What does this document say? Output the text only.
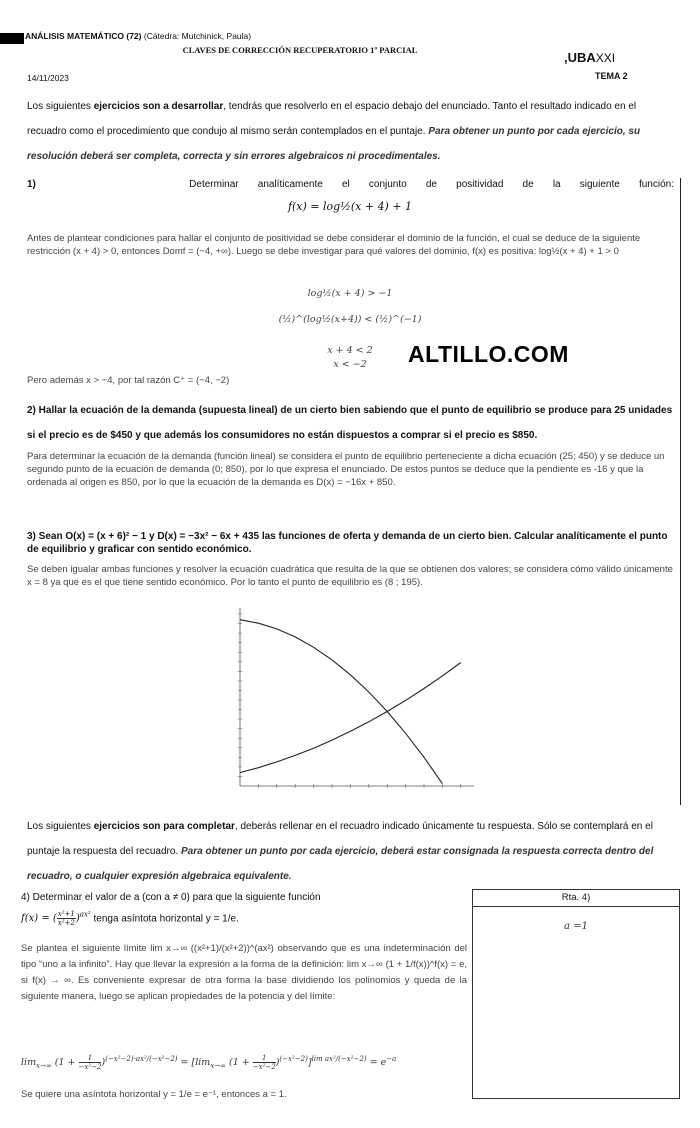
ANÁLISIS MATEMÁTICO (72) (Cátedra: Mutchinick, Paula)
CLAVES DE CORRECCIÓN RECUPERATORIO 1º PARCIAL	,UBAXXI
14/11/2023	TEMA 2
Los siguientes ejercicios son a desarrollar, tendrás que resolverlo en el espacio debajo del enunciado. Tanto el resultado indicado en el recuadro como el procedimiento que condujo al mismo serán contemplados en el puntaje. Para obtener un punto por cada ejercicio, su resolución deberá ser completa, correcta y sin errores algebraicos ni procedimentales.
1)	Determinar analíticamente el conjunto de positividad de la siguiente función:
f(x) = log½(x + 4) + 1
Antes de plantear condiciones para hallar el conjunto de positividad se debe considerar el dominio de la función, el cual se deduce de la siguiente restricción (x + 4) > 0, entonces Domf = (−4, +∞). Luego se debe investigar para qué valores del dominio, f(x) es positiva: log½(x + 4) + 1 > 0
log½(x + 4) > −1
(½)^(log½(x+4)) < (½)^(−1)
x + 4 < 2
x < −2	ALTILLO.COM
Pero además x > −4, por tal razón C⁺ = (−4, −2)
2) Hallar la ecuación de la demanda (supuesta lineal) de un cierto bien sabiendo que el punto de equilibrio se produce para 25 unidades si el precio es de $450 y que además los consumidores no están dispuestos a comprar si el precio es $850.
Para determinar la ecuación de la demanda (función lineal) se considera el punto de equilibrio perteneciente a dicha ecuación (25; 450) y se deduce un segundo punto de la ecuación de demanda (0; 850), por lo que expresa el enunciado. De estos puntos se deduce que la pendiente es -16 y que la ordenada al origen es 850, por lo que la ecuación de la demanda es D(x) = −16x + 850.
3) Sean O(x) = (x + 6)² − 1 y D(x) = −3x² − 6x + 435 las funciones de oferta y demanda de un cierto bien. Calcular analíticamente el punto de equilibrio y graficar con sentido económico.
Se deben igualar ambas funciones y resolver la ecuación cuadrática que resulta de la que se obtienen dos valores; se considera cómo válido únicamente x = 8 ya que es el que tiene sentido económico. Por lo tanto el punto de equilibrio es (8 ; 195).
Los siguientes ejercicios son para completar, deberás rellenar en el recuadro indicado únicamente tu respuesta. Sólo se contemplará en el puntaje la respuesta del recuadro. Para obtener un punto por cada ejercicio, deberá estar consignada la respuesta correcta dentro del recuadro, o cualquier expresión algebraica equivalente.
4) Determinar el valor de a (con a ≠ 0) para que la siguiente función
f(x) = ( $\frac{\text{x²+1}}{\text{x²+2}} )^{ax^2}$ tenga asíntota horizontal y = 1/e.
Se plantea el siguiente límite lim x→∞ ((x²+1)/(x²+2))^(ax²) observando que es una indeterminación del tipo “uno a la infinito”. Hay que llevar la expresión a la forma de la definición: lim x→∞ (1 + 1/f(x))^f(x) = e, si f(x) → ∞. Es conveniente expresar de otra forma la base dividiendo los polinomios y queda de la siguiente manera, luego se aplican propiedades de la potencia y del límite:
$\lim_{x\to\infty} (1 + \frac{1}{\text{−x²−2}} )^{(-x^2-2)\cdot ax^2/(-x^2-2)} = [\lim_{x\to\infty}$ $(1 + \frac{1}{\text{−x²−2}} )^{(-x^2-2)}]^{lim ax^2/(-x^2-2)} = e^{-a}$
Se quiere una asíntota horizontal y = 1/e = e⁻¹, entonces a = 1.
Rta. 4)
a =1
